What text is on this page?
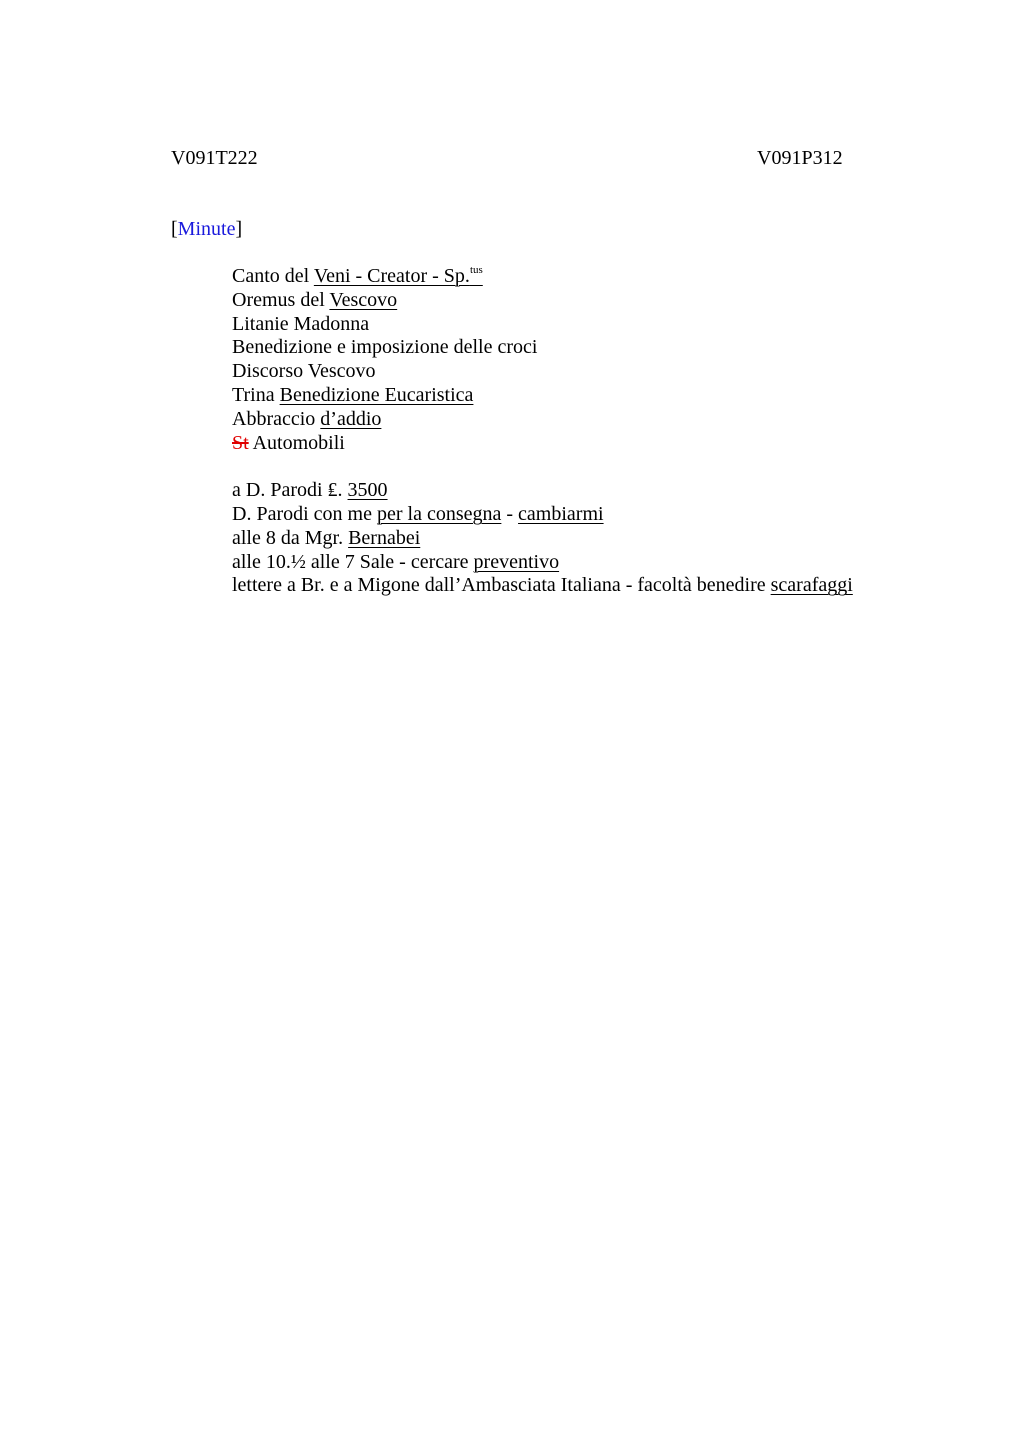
V091T222	V091P312
[Minute]
Canto del Veni - Creator - Sp.$^{tus}$
Oremus del Vescovo
Litanie Madonna
Benedizione e imposizione delle croci
Discorso Vescovo
Trina Benedizione Eucaristica
Abbraccio d’addio
St Automobili
a D. Parodi ₤. 3500
D. Parodi con me per la consegna - cambiarmi
alle 8 da Mgr. Bernabei
alle 10.½ alle 7 Sale - cercare preventivo
lettere a Br. e a Migone dall’Ambasciata Italiana - facoltà benedire scarafaggi
